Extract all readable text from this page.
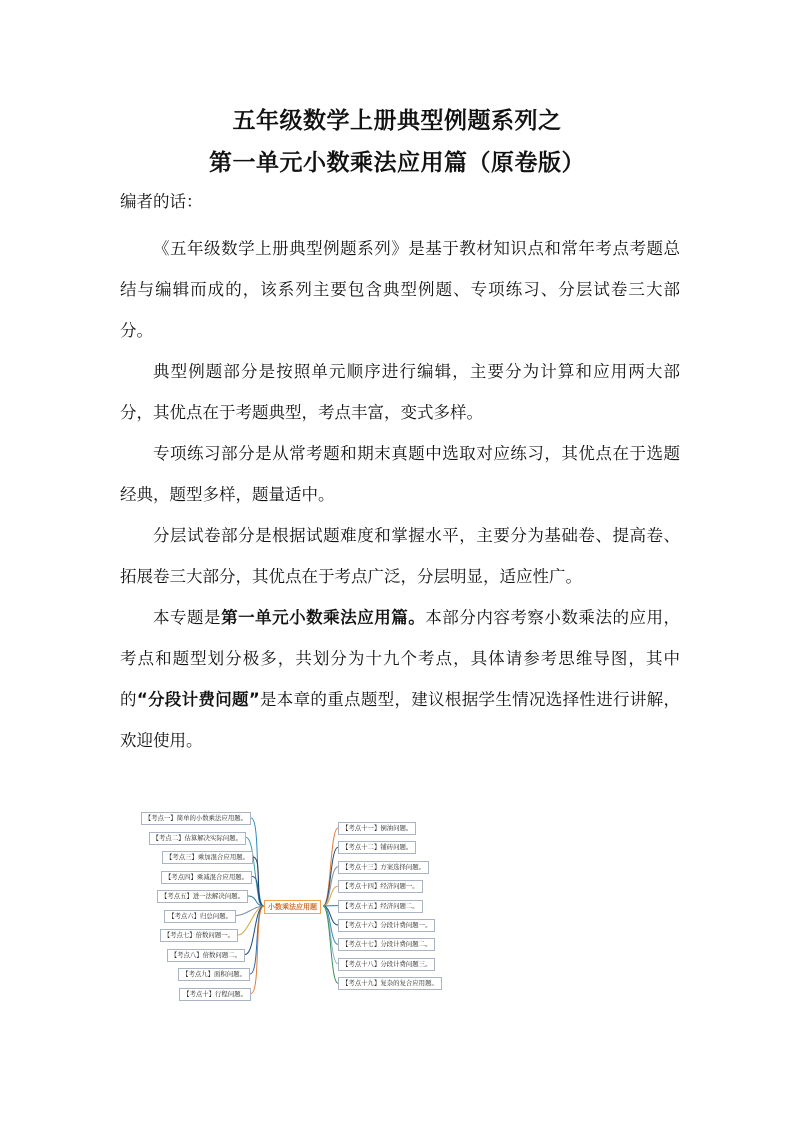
五年级数学上册典型例题系列之
第一单元小数乘法应用篇（原卷版）

编者的话：

《五年级数学上册典型例题系列》是基于教材知识点和常年考点考题总结与编辑而成的，该系列主要包含典型例题、专项练习、分层试卷三大部分。

典型例题部分是按照单元顺序进行编辑，主要分为计算和应用两大部分，其优点在于考题典型，考点丰富，变式多样。

专项练习部分是从常考题和期末真题中选取对应练习，其优点在于选题经典，题型多样，题量适中。

分层试卷部分是根据试题难度和掌握水平，主要分为基础卷、提高卷、拓展卷三大部分，其优点在于考点广泛，分层明显，适应性广。

本专题是第一单元小数乘法应用篇。本部分内容考察小数乘法的应用，考点和题型划分极多，共划分为十九个考点，具体请参考思维导图，其中的“分段计费问题”是本章的重点题型，建议根据学生情况选择性进行讲解，欢迎使用。

小数乘法应用题
【考点一】简单的小数乘法应用题。
【考点二】估算解决实际问题。
【考点三】乘加混合应用题。
【考点四】乘减混合应用题。
【考点五】进一法解决问题。
【考点六】归总问题。
【考点七】倍数问题一。
【考点八】倍数问题二。
【考点九】面积问题。
【考点十】行程问题。
【考点十一】倒油问题。
【考点十二】铺砖问题。
【考点十三】方案选择问题。
【考点十四】经济问题一。
【考点十五】经济问题二。
【考点十六】分段计费问题一。
【考点十七】分段计费问题二。
【考点十八】分段计费问题三。
【考点十九】复杂的复合应用题。
